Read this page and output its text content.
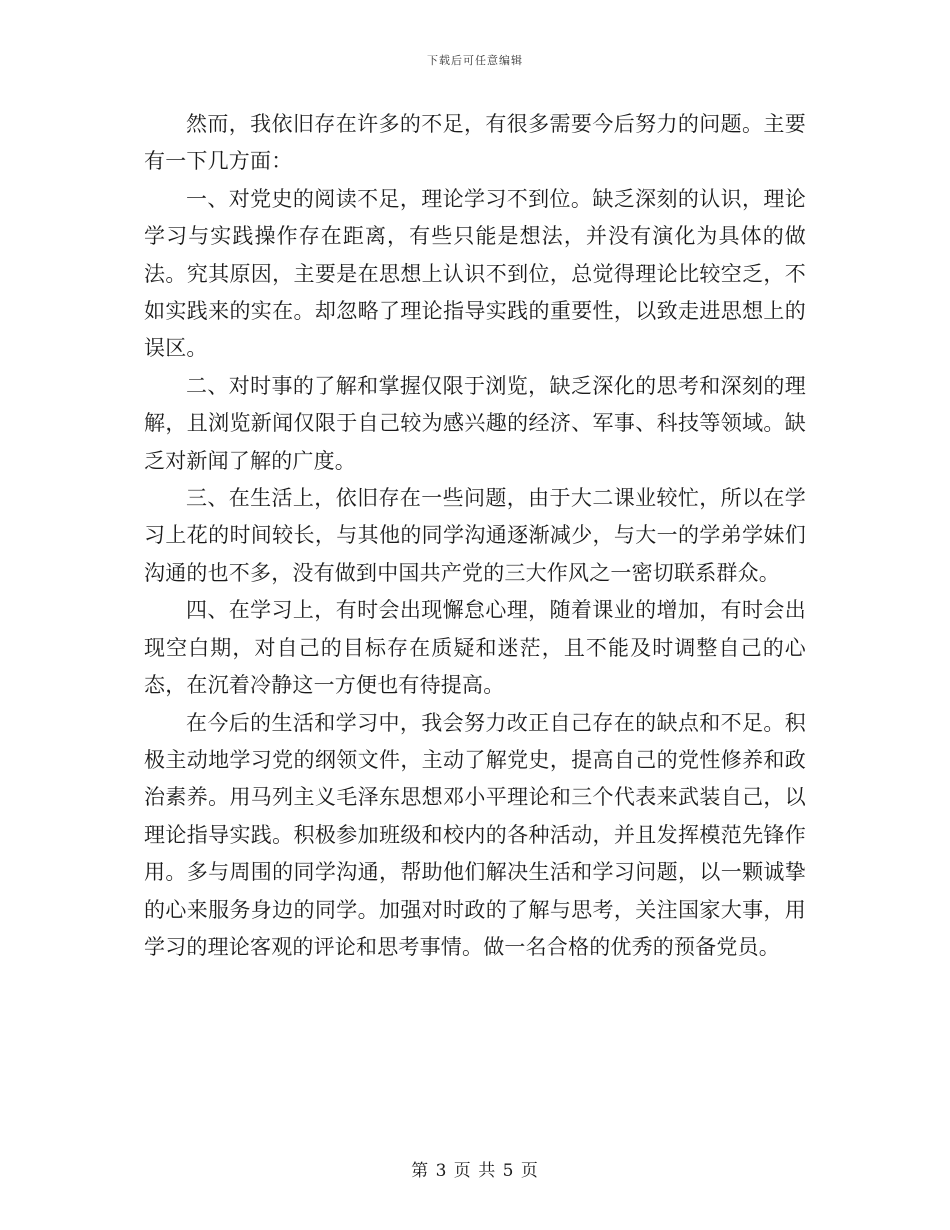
下载后可任意编辑

然而，我依旧存在许多的不足，有很多需要今后努力的问题。主要有一下几方面：

一、对党史的阅读不足，理论学习不到位。缺乏深刻的认识，理论学习与实践操作存在距离，有些只能是想法，并没有演化为具体的做法。究其原因，主要是在思想上认识不到位，总觉得理论比较空乏，不如实践来的实在。却忽略了理论指导实践的重要性，以致走进思想上的误区。

二、对时事的了解和掌握仅限于浏览，缺乏深化的思考和深刻的理解，且浏览新闻仅限于自己较为感兴趣的经济、军事、科技等领域。缺乏对新闻了解的广度。

三、在生活上，依旧存在一些问题，由于大二课业较忙，所以在学习上花的时间较长，与其他的同学沟通逐渐减少，与大一的学弟学妹们沟通的也不多，没有做到中国共产党的三大作风之一密切联系群众。

四、在学习上，有时会出现懈怠心理，随着课业的增加，有时会出现空白期，对自己的目标存在质疑和迷茫，且不能及时调整自己的心态，在沉着冷静这一方便也有待提高。

在今后的生活和学习中，我会努力改正自己存在的缺点和不足。积极主动地学习党的纲领文件，主动了解党史，提高自己的党性修养和政治素养。用马列主义毛泽东思想邓小平理论和三个代表来武装自己，以理论指导实践。积极参加班级和校内的各种活动，并且发挥模范先锋作用。多与周围的同学沟通，帮助他们解决生活和学习问题，以一颗诚挚的心来服务身边的同学。加强对时政的了解与思考，关注国家大事，用学习的理论客观的评论和思考事情。做一名合格的优秀的预备党员。

第 3 页 共 5 页
